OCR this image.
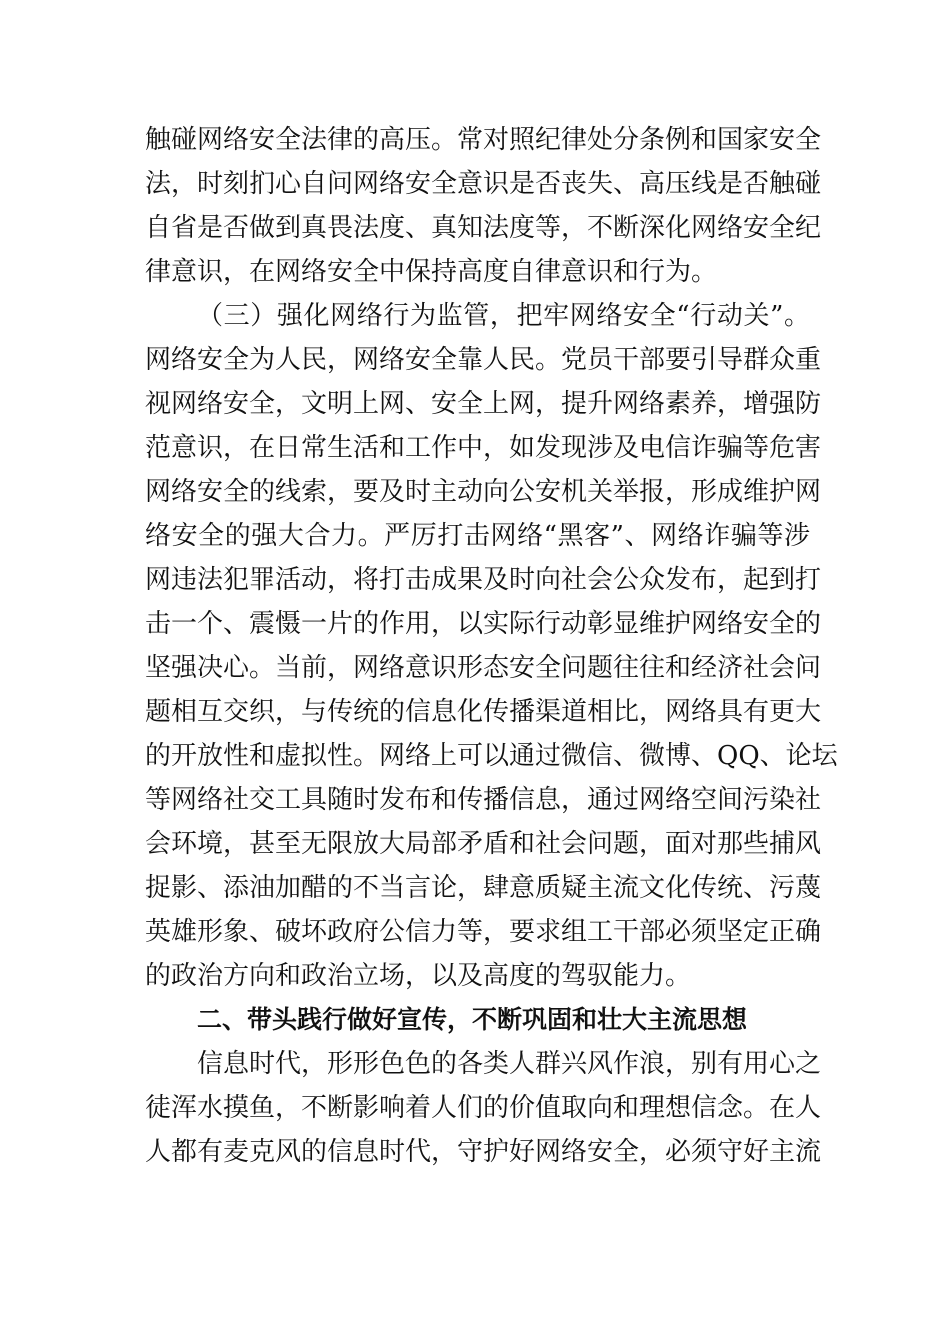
触碰网络安全法律的高压。常对照纪律处分条例和国家安全
法，时刻扪心自问网络安全意识是否丧失、高压线是否触碰
自省是否做到真畏法度、真知法度等，不断深化网络安全纪
律意识，在网络安全中保持高度自律意识和行为。
（三）强化网络行为监管，把牢网络安全“行动关”。
网络安全为人民，网络安全靠人民。党员干部要引导群众重
视网络安全，文明上网、安全上网，提升网络素养，增强防
范意识，在日常生活和工作中，如发现涉及电信诈骗等危害
网络安全的线索，要及时主动向公安机关举报，形成维护网
络安全的强大合力。严厉打击网络“黑客”、网络诈骗等涉
网违法犯罪活动，将打击成果及时向社会公众发布，起到打
击一个、震慑一片的作用，以实际行动彰显维护网络安全的
坚强决心。当前，网络意识形态安全问题往往和经济社会问
题相互交织，与传统的信息化传播渠道相比，网络具有更大
的开放性和虚拟性。网络上可以通过微信、微博、QQ、论坛
等网络社交工具随时发布和传播信息，通过网络空间污染社
会环境，甚至无限放大局部矛盾和社会问题，面对那些捕风
捉影、添油加醋的不当言论，肆意质疑主流文化传统、污蔑
英雄形象、破坏政府公信力等，要求组工干部必须坚定正确
的政治方向和政治立场，以及高度的驾驭能力。
二、带头践行做好宣传，不断巩固和壮大主流思想
信息时代，形形色色的各类人群兴风作浪，别有用心之
徒浑水摸鱼，不断影响着人们的价值取向和理想信念。在人
人都有麦克风的信息时代，守护好网络安全，必须守好主流
